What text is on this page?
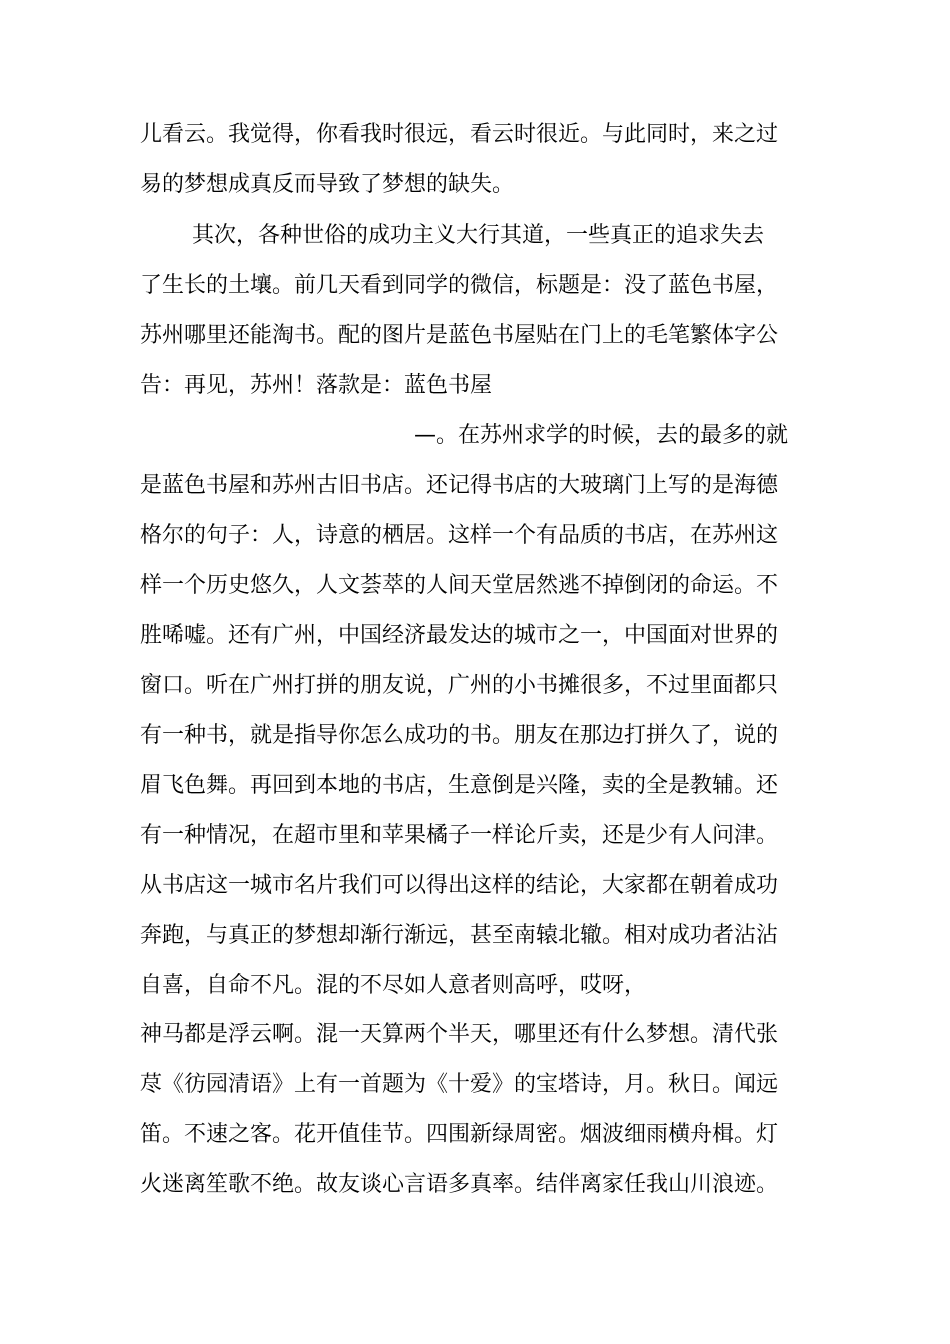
儿看云。我觉得，你看我时很远，看云时很近。与此同时，来之过
易的梦想成真反而导致了梦想的缺失。
其次，各种世俗的成功主义大行其道，一些真正的追求失去
了生长的土壤。前几天看到同学的微信，标题是：没了蓝色书屋，
苏州哪里还能淘书。配的图片是蓝色书屋贴在门上的毛笔繁体字公
告：再见，苏州！落款是：蓝色书屋
—。在苏州求学的时候，去的最多的就
是蓝色书屋和苏州古旧书店。还记得书店的大玻璃门上写的是海德
格尔的句子：人，诗意的栖居。这样一个有品质的书店，在苏州这
样一个历史悠久，人文荟萃的人间天堂居然逃不掉倒闭的命运。不
胜唏嘘。还有广州，中国经济最发达的城市之一，中国面对世界的
窗口。听在广州打拼的朋友说，广州的小书摊很多，不过里面都只
有一种书，就是指导你怎么成功的书。朋友在那边打拼久了，说的
眉飞色舞。再回到本地的书店，生意倒是兴隆，卖的全是教辅。还
有一种情况，在超市里和苹果橘子一样论斤卖，还是少有人问津。
从书店这一城市名片我们可以得出这样的结论，大家都在朝着成功
奔跑，与真正的梦想却渐行渐远，甚至南辕北辙。相对成功者沾沾
自喜，自命不凡。混的不尽如人意者则高呼，哎呀，
神马都是浮云啊。混一天算两个半天，哪里还有什么梦想。清代张
荩《彷园清语》上有一首题为《十爱》的宝塔诗，月。秋日。闻远
笛。不速之客。花开值佳节。四围新绿周密。烟波细雨横舟楫。灯
火迷离笙歌不绝。故友谈心言语多真率。结伴离家任我山川浪迹。
